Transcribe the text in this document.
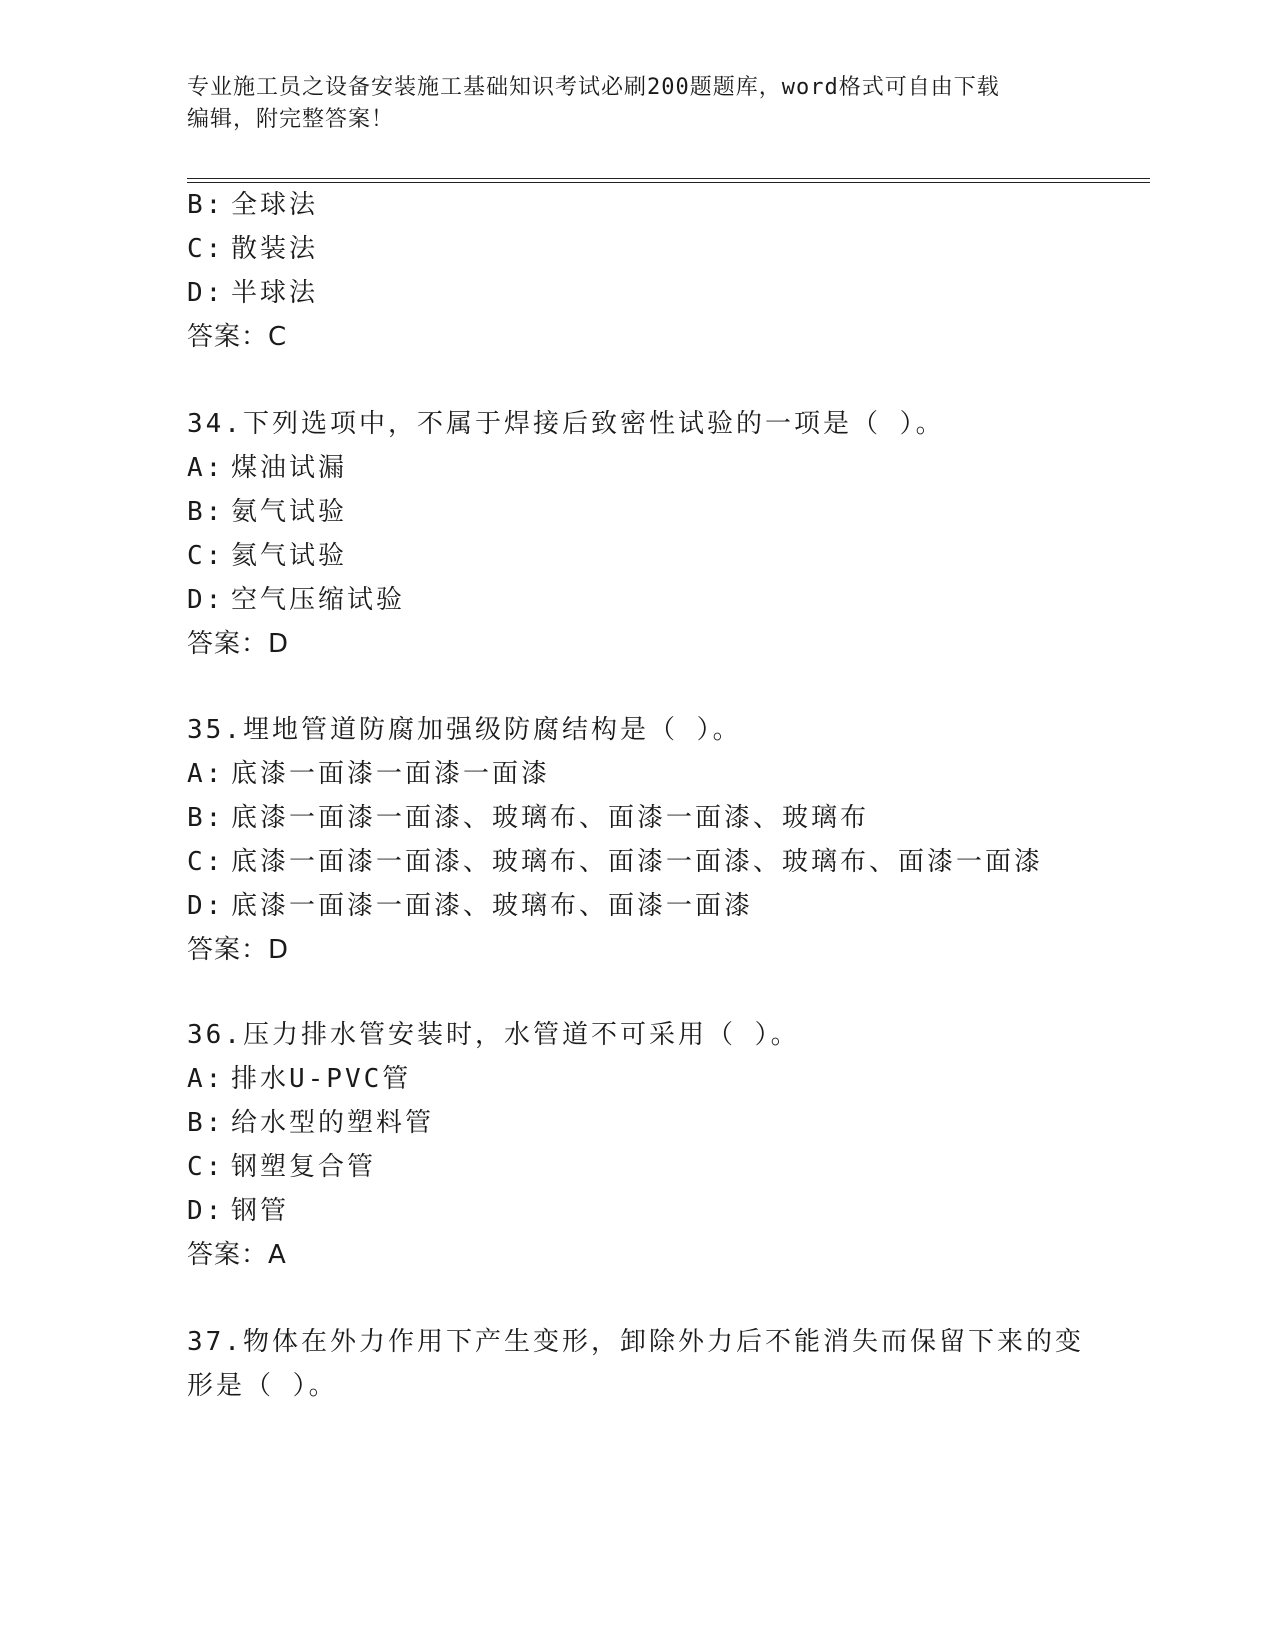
专业施工员之设备安装施工基础知识考试必刷200题题库，word格式可自由下载
编辑，附完整答案！
B: 全球法
C: 散装法
D: 半球法
答案：C
34.下列选项中，不属于焊接后致密性试验的一项是（ ）。
A: 煤油试漏
B: 氨气试验
C: 氦气试验
D: 空气压缩试验
答案：D
35.埋地管道防腐加强级防腐结构是（ ）。
A: 底漆一面漆一面漆一面漆
B: 底漆一面漆一面漆、玻璃布、面漆一面漆、玻璃布
C: 底漆一面漆一面漆、玻璃布、面漆一面漆、玻璃布、面漆一面漆
D: 底漆一面漆一面漆、玻璃布、面漆一面漆
答案：D
36.压力排水管安装时，水管道不可采用（ ）。
A: 排水U-PVC管
B: 给水型的塑料管
C: 钢塑复合管
D: 钢管
答案：A
37.物体在外力作用下产生变形，卸除外力后不能消失而保留下来的变
形是（ ）。
